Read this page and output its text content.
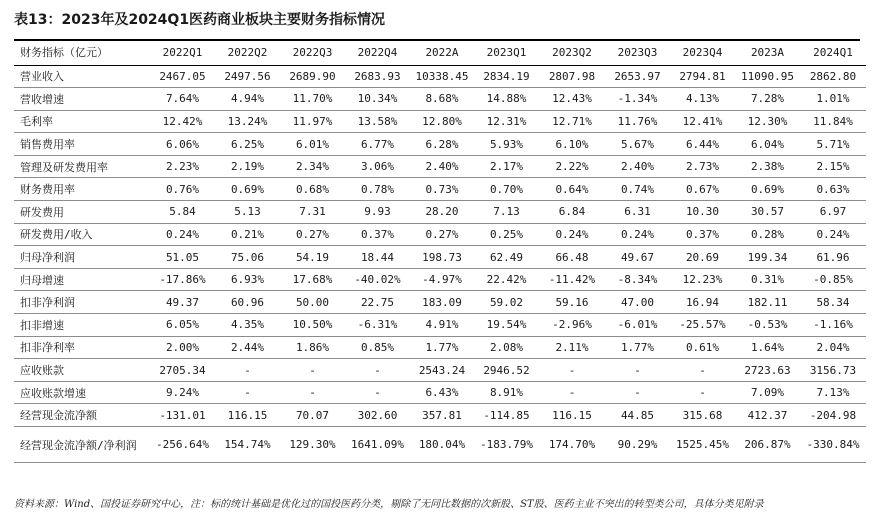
表13：2023年及2024Q1医药商业板块主要财务指标情况
财务指标（亿元）	2022Q1	2022Q2	2022Q3	2022Q4	2022A	2023Q1	2023Q2	2023Q3	2023Q4	2023A	2024Q1
营业收入	2467.05	2497.56	2689.90	2683.93	10338.45	2834.19	2807.98	2653.97	2794.81	11090.95	2862.80
营收增速	7.64%	4.94%	11.70%	10.34%	8.68%	14.88%	12.43%	-1.34%	4.13%	7.28%	1.01%
毛利率	12.42%	13.24%	11.97%	13.58%	12.80%	12.31%	12.71%	11.76%	12.41%	12.30%	11.84%
销售费用率	6.06%	6.25%	6.01%	6.77%	6.28%	5.93%	6.10%	5.67%	6.44%	6.04%	5.71%
管理及研发费用率	2.23%	2.19%	2.34%	3.06%	2.40%	2.17%	2.22%	2.40%	2.73%	2.38%	2.15%
财务费用率	0.76%	0.69%	0.68%	0.78%	0.73%	0.70%	0.64%	0.74%	0.67%	0.69%	0.63%
研发费用	5.84	5.13	7.31	9.93	28.20	7.13	6.84	6.31	10.30	30.57	6.97
研发费用/收入	0.24%	0.21%	0.27%	0.37%	0.27%	0.25%	0.24%	0.24%	0.37%	0.28%	0.24%
归母净利润	51.05	75.06	54.19	18.44	198.73	62.49	66.48	49.67	20.69	199.34	61.96
归母增速	-17.86%	6.93%	17.68%	-40.02%	-4.97%	22.42%	-11.42%	-8.34%	12.23%	0.31%	-0.85%
扣非净利润	49.37	60.96	50.00	22.75	183.09	59.02	59.16	47.00	16.94	182.11	58.34
扣非增速	6.05%	4.35%	10.50%	-6.31%	4.91%	19.54%	-2.96%	-6.01%	-25.57%	-0.53%	-1.16%
扣非净利率	2.00%	2.44%	1.86%	0.85%	1.77%	2.08%	2.11%	1.77%	0.61%	1.64%	2.04%
应收账款	2705.34	-	-	-	2543.24	2946.52	-	-	-	2723.63	3156.73
应收账款增速	9.24%	-	-	-	6.43%	8.91%	-	-	-	7.09%	7.13%
经营现金流净额	-131.01	116.15	70.07	302.60	357.81	-114.85	116.15	44.85	315.68	412.37	-204.98
经营现金流净额/净利润	-256.64%	154.74%	129.30%	1641.09%	180.04%	-183.79%	174.70%	90.29%	1525.45%	206.87%	-330.84%
资料来源：Wind、国投证券研究中心，注：标的统计基础是优化过的国投医药分类，剔除了无同比数据的次新股、ST股、医药主业不突出的转型类公司，具体分类见附录
